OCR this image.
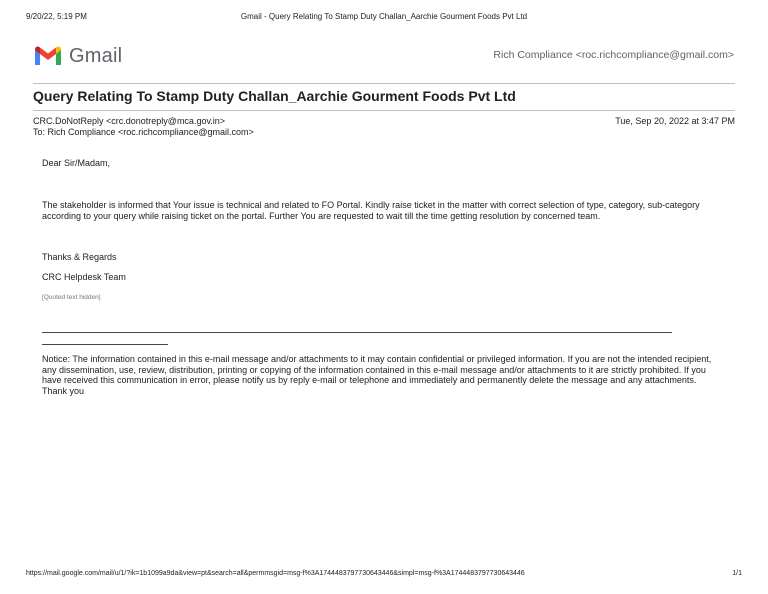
9/20/22, 5:19 PM	Gmail - Query Relating To Stamp Duty Challan_Aarchie Gourment Foods Pvt Ltd
Gmail	Rich Compliance <roc.richcompliance@gmail.com>
Query Relating To Stamp Duty Challan_Aarchie Gourment Foods Pvt Ltd
CRC.DoNotReply <crc.donotreply@mca.gov.in>
To: Rich Compliance <roc.richcompliance@gmail.com>
Tue, Sep 20, 2022 at 3:47 PM
Dear Sir/Madam,
The stakeholder is informed that Your issue is technical and related to FO Portal. Kindly raise ticket in the matter with correct selection of type, category, sub-category according to your query while raising ticket on the portal. Further You are requested to wait till the time getting resolution by concerned team.
Thanks & Regards
CRC Helpdesk Team
[Quoted text hidden]
Notice: The information contained in this e-mail message and/or attachments to it may contain confidential or privileged information. If you are not the intended recipient, any dissemination, use, review, distribution, printing or copying of the information contained in this e-mail message and/or attachments to it are strictly prohibited. If you have received this communication in error, please notify us by reply e-mail or telephone and immediately and permanently delete the message and any attachments. Thank you
https://mail.google.com/mail/u/1/?ik=1b1099a9da&view=pt&search=all&permmsgid=msg-f%3A1744483797730643446&simpl=msg-f%3A1744483797730643446	1/1
